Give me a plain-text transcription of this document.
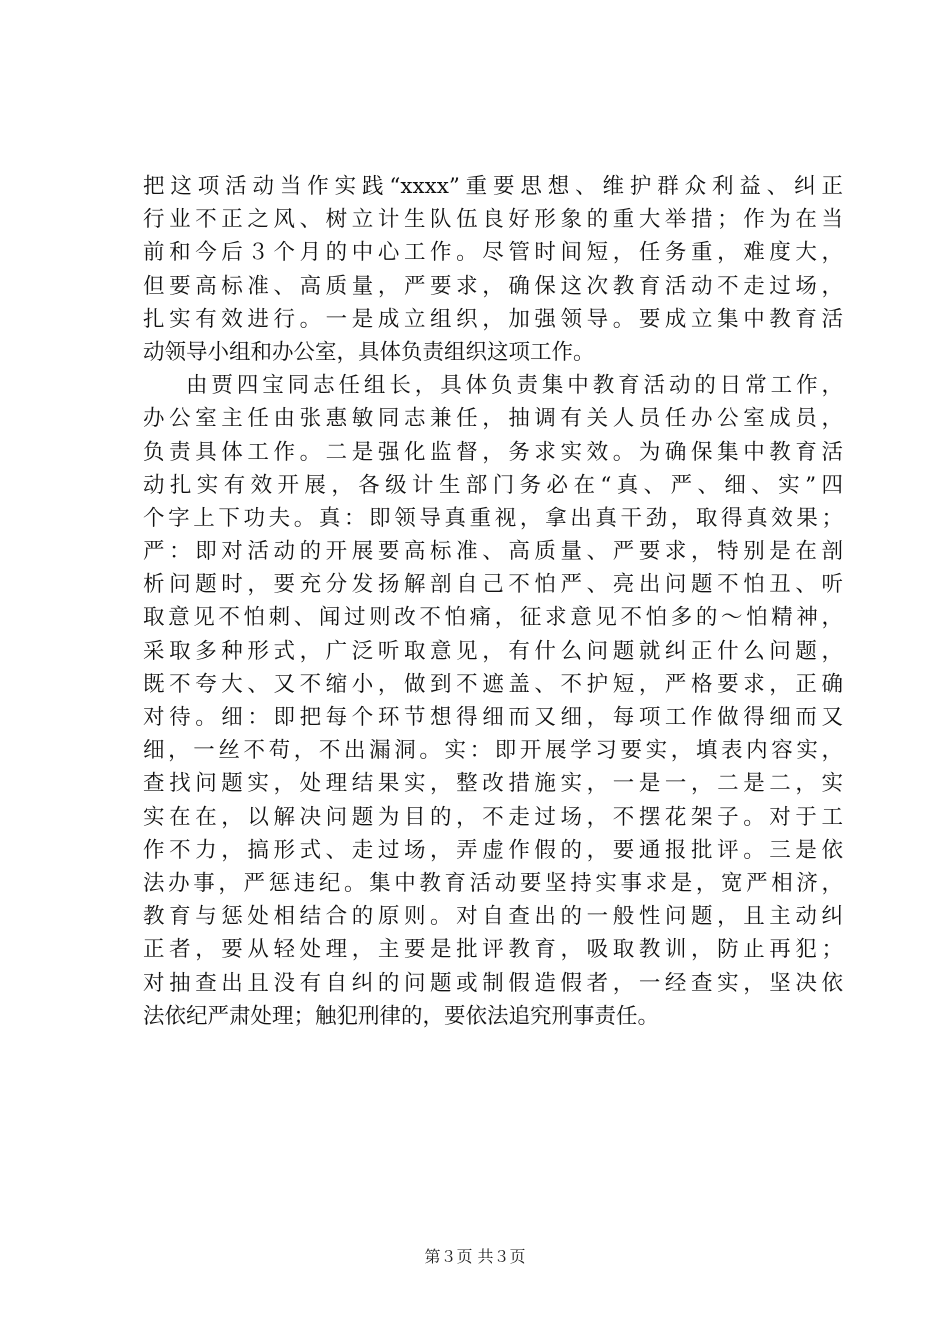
把这项活动当作实践“xxxx”重要思想、维护群众利益、纠正
行业不正之风、树立计生队伍良好形象的重大举措；作为在当
前和今后３个月的中心工作。尽管时间短，任务重，难度大，
但要高标准、高质量，严要求，确保这次教育活动不走过场，
扎实有效进行。一是成立组织，加强领导。要成立集中教育活
动领导小组和办公室，具体负责组织这项工作。
由贾四宝同志任组长，具体负责集中教育活动的日常工作，
办公室主任由张惠敏同志兼任，抽调有关人员任办公室成员，
负责具体工作。二是强化监督，务求实效。为确保集中教育活
动扎实有效开展，各级计生部门务必在“真、严、细、实”四
个字上下功夫。真：即领导真重视，拿出真干劲，取得真效果；
严：即对活动的开展要高标准、高质量、严要求，特别是在剖
析问题时，要充分发扬解剖自己不怕严、亮出问题不怕丑、听
取意见不怕刺、闻过则改不怕痛，征求意见不怕多的～怕精神，
采取多种形式，广泛听取意见，有什么问题就纠正什么问题，
既不夸大、又不缩小，做到不遮盖、不护短，严格要求，正确
对待。细：即把每个环节想得细而又细，每项工作做得细而又
细，一丝不苟，不出漏洞。实：即开展学习要实，填表内容实，
查找问题实，处理结果实，整改措施实，一是一，二是二，实
实在在，以解决问题为目的，不走过场，不摆花架子。对于工
作不力，搞形式、走过场，弄虚作假的，要通报批评。三是依
法办事，严惩违纪。集中教育活动要坚持实事求是，宽严相济，
教育与惩处相结合的原则。对自查出的一般性问题，且主动纠
正者，要从轻处理，主要是批评教育，吸取教训，防止再犯；
对抽查出且没有自纠的问题或制假造假者，一经查实，坚决依
法依纪严肃处理；触犯刑律的，要依法追究刑事责任。
第３页 共３页
